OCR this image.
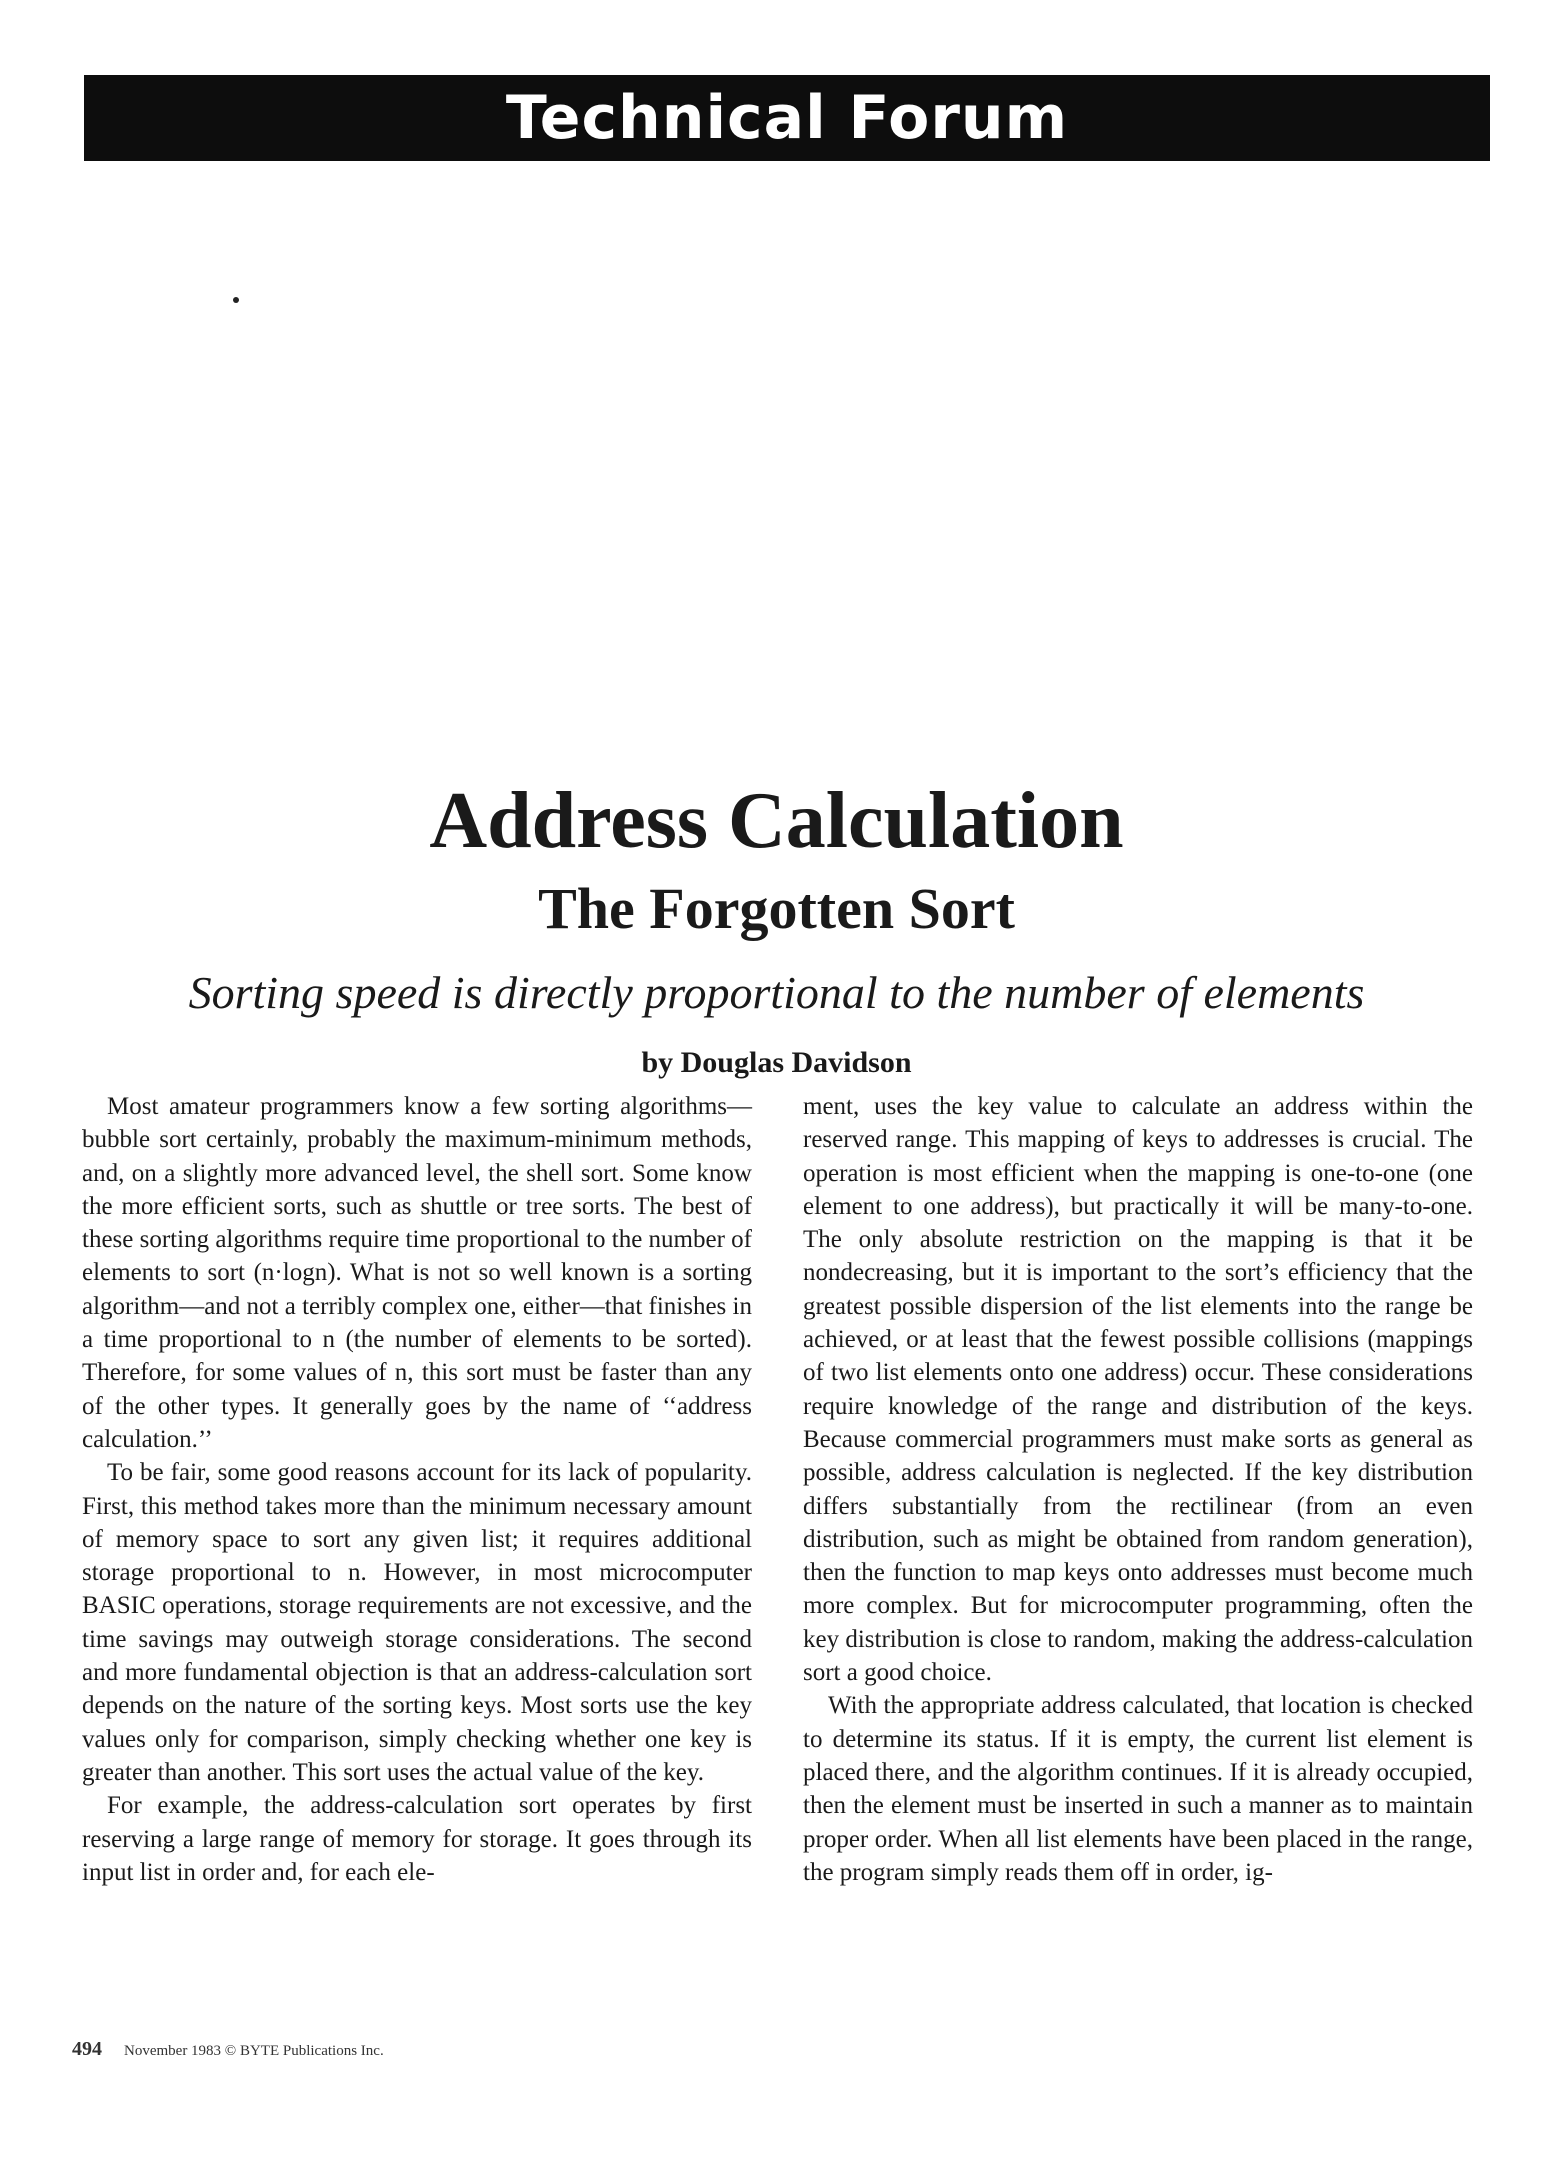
Technical Forum
Address Calculation
The Forgotten Sort
Sorting speed is directly proportional to the number of elements
by Douglas Davidson

Most amateur programmers know a few sorting algorithms—bubble sort certainly, probably the maximum-minimum methods, and, on a slightly more advanced level, the shell sort. Some know the more efficient sorts, such as shuttle or tree sorts. The best of these sorting algorithms require time proportional to the number of elements to sort (n·logn). What is not so well known is a sorting algorithm—and not a terribly complex one, either—that finishes in a time proportional to n (the number of elements to be sorted). Therefore, for some values of n, this sort must be faster than any of the other types. It generally goes by the name of ‘‘address calculation.’’

To be fair, some good reasons account for its lack of popularity. First, this method takes more than the minimum necessary amount of memory space to sort any given list; it requires additional storage proportional to n. However, in most microcomputer BASIC operations, storage requirements are not excessive, and the time savings may outweigh storage considerations. The second and more fundamental objection is that an address-calculation sort depends on the nature of the sorting keys. Most sorts use the key values only for comparison, simply checking whether one key is greater than another. This sort uses the actual value of the key.

For example, the address-calculation sort operates by first reserving a large range of memory for storage. It goes through its input list in order and, for each ele-

ment, uses the key value to calculate an address within the reserved range. This mapping of keys to addresses is crucial. The operation is most efficient when the mapping is one-to-one (one element to one address), but practically it will be many-to-one. The only absolute restriction on the mapping is that it be nondecreasing, but it is important to the sort’s efficiency that the greatest possible dispersion of the list elements into the range be achieved, or at least that the fewest possible collisions (mappings of two list elements onto one address) occur. These considerations require knowledge of the range and distribution of the keys. Because commercial programmers must make sorts as general as possible, address calculation is neglected. If the key distribution differs substantially from the rectilinear (from an even distribution, such as might be obtained from random generation), then the function to map keys onto addresses must become much more complex. But for microcomputer programming, often the key distribution is close to random, making the address-calculation sort a good choice.

With the appropriate address calculated, that location is checked to determine its status. If it is empty, the current list element is placed there, and the algorithm continues. If it is already occupied, then the element must be inserted in such a manner as to maintain proper order. When all list elements have been placed in the range, the program simply reads them off in order, ig-

494 November 1983 © BYTE Publications Inc.
